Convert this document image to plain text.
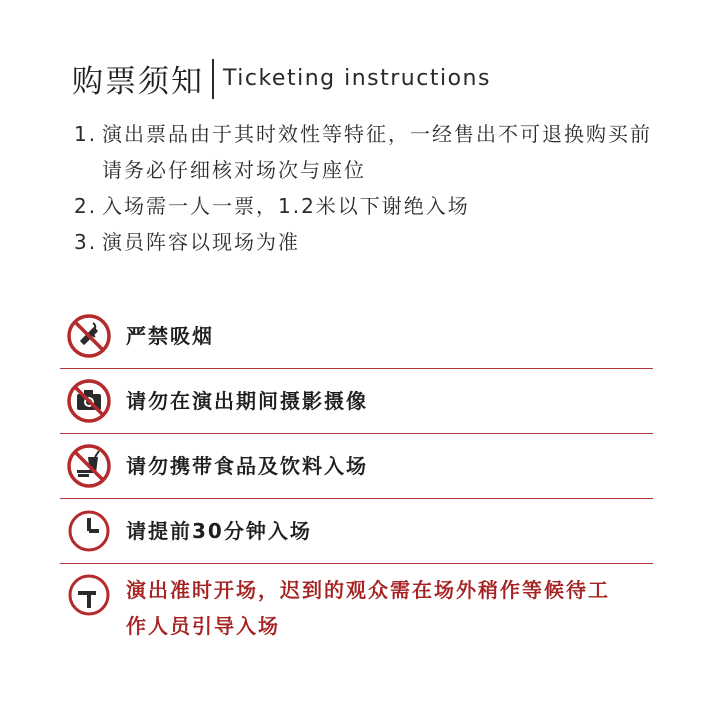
购票须知 Ticketing instructions
1. 演出票品由于其时效性等特征，一经售出不可退换购买前请务必仔细核对场次与座位
2. 入场需一人一票，1.2米以下谢绝入场
3. 演员阵容以现场为准
严禁吸烟
请勿在演出期间摄影摄像
请勿携带食品及饮料入场
请提前30分钟入场
演出准时开场，迟到的观众需在场外稍作等候待工作人员引导入场
